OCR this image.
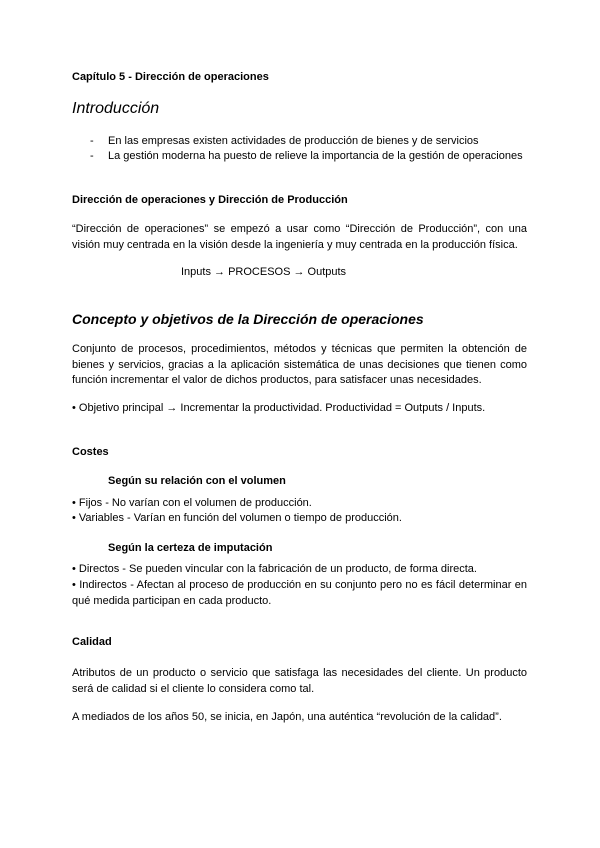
Capítulo 5 - Dirección de operaciones
Introducción
- En las empresas existen actividades de producción de bienes y de servicios
- La gestión moderna ha puesto de relieve la importancia de la gestión de operaciones
Dirección de operaciones y Dirección de Producción
“Dirección de operaciones” se empezó a usar como “Dirección de Producción”, con una visión muy centrada en la visión desde la ingeniería y muy centrada en la producción física.
Inputs → PROCESOS → Outputs
Concepto y objetivos de la Dirección de operaciones
Conjunto de procesos, procedimientos, métodos y técnicas que permiten la obtención de bienes y servicios, gracias a la aplicación sistemática de unas decisiones que tienen como función incrementar el valor de dichos productos, para satisfacer unas necesidades.
• Objetivo principal → Incrementar la productividad. Productividad = Outputs / Inputs.
Costes
Según su relación con el volumen
• Fijos - No varían con el volumen de producción.
• Variables - Varían en función del volumen o tiempo de producción.
Según la certeza de imputación
• Directos - Se pueden vincular con la fabricación de un producto, de forma directa.
• Indirectos - Afectan al proceso de producción en su conjunto pero no es fácil determinar en qué medida participan en cada producto.
Calidad
Atributos de un producto o servicio que satisfaga las necesidades del cliente. Un producto será de calidad si el cliente lo considera como tal.
A mediados de los años 50, se inicia, en Japón, una auténtica “revolución de la calidad”.
